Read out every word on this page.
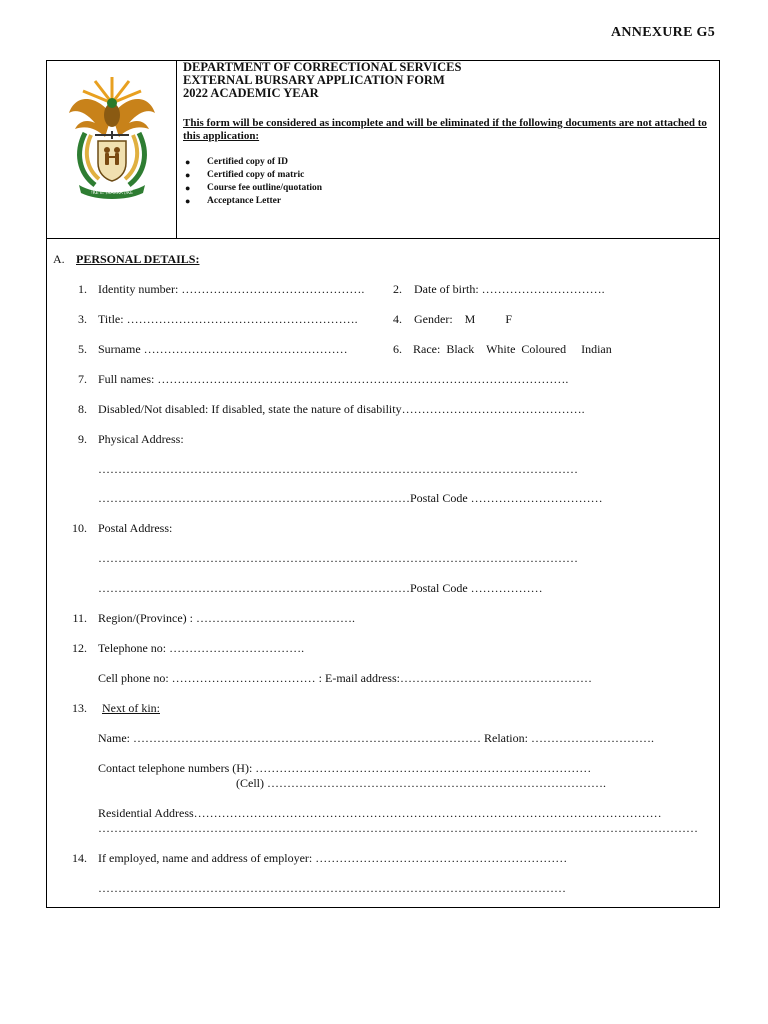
ANNEXURE G5
!KE E: /XARRA //KE

DEPARTMENT OF CORRECTIONAL SERVICES

EXTERNAL BURSARY APPLICATION FORM

2022 ACADEMIC YEAR

This form will be considered as incomplete and will be eliminated if the following documents are not attached to this application:
● Certified copy of ID
● Certified copy of matric
● Course fee outline/quotation
● Acceptance Letter
A. PERSONAL DETAILS:
1. Identity number: ……………………………………….	2. Date of birth: ………………………….
3. Title: ………………………………………………….	4. Gender:    M          F
5. Surname ……………………………………………	6. Race:  Black    White  Coloured     Indian
7. Full names: ………………………………………………………………………………………….
8. Disabled/Not disabled: If disabled, state the nature of disability……………………………………….
9. Physical Address:
…………………………………………………………………………………………………………
……………………………………………………………………Postal Code ……………………………
10. Postal Address:
…………………………………………………………………………………………………………
……………………………………………………………………Postal Code ………………
11. Region/(Province) : ………………………………….
12. Telephone no: …………………………….
Cell phone no: ……………………………… : E-mail address:…………………………………………
13. Next of kin:
Name: …………………………………………………………………………… Relation: ………………………….
Contact telephone numbers (H): …………………………………………………………………………
(Cell) ………………………………………………………………………….
Residential Address………………………………………………………………………………………………………
……………………………………………………………………………………………………………………………………
14. If employed, name and address of employer: ………………………………………………………
………………………………………………………………………………………………………
